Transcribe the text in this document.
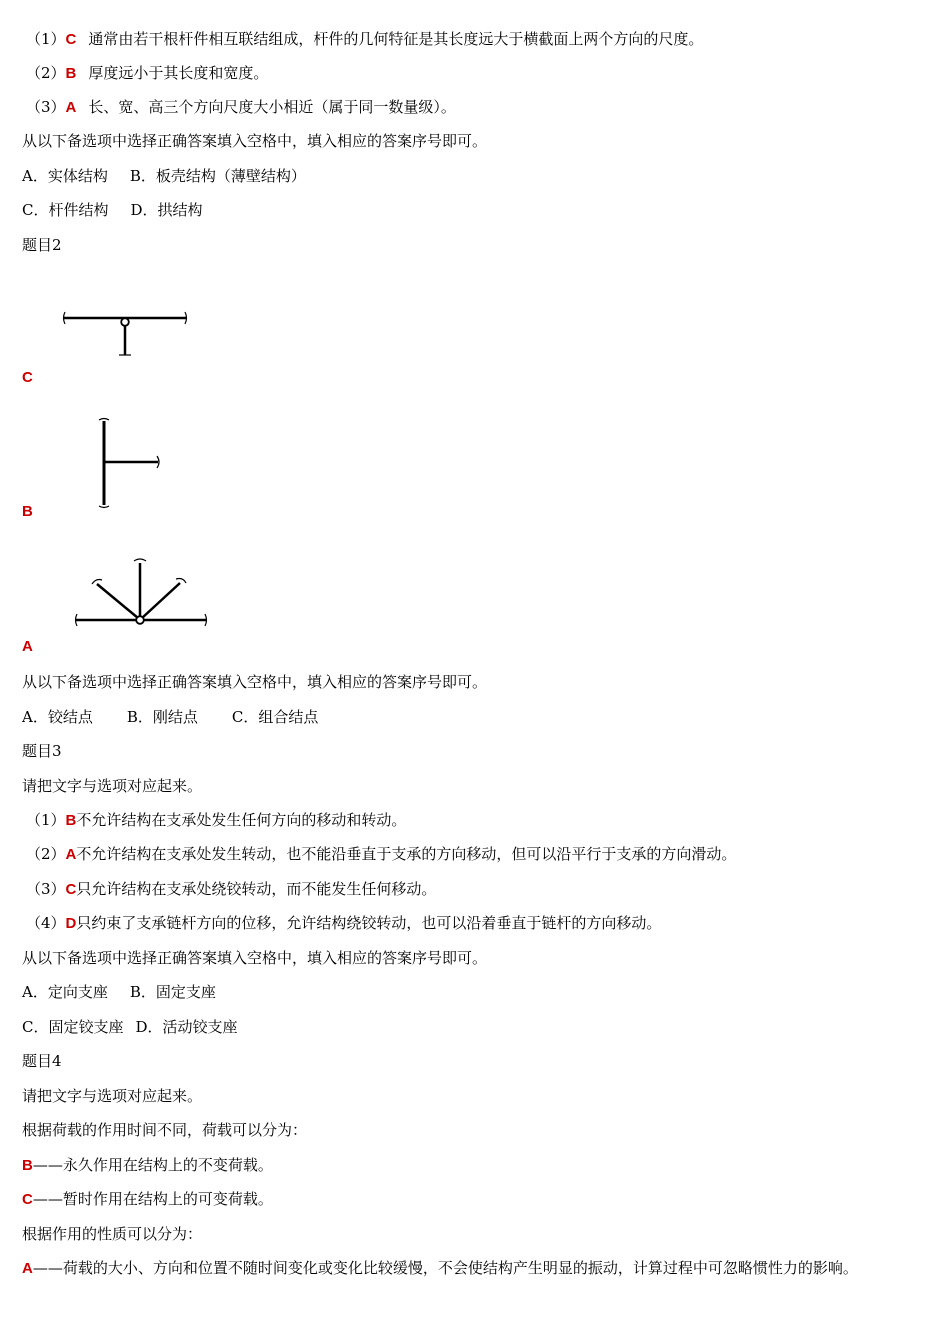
（1）C 通常由若干根杆件相互联结组成，杆件的几何特征是其长度远大于横截面上两个方向的尺度。
（2）B 厚度远小于其长度和宽度。
（3）A 长、宽、高三个方向尺度大小相近（属于同一数量级）。
从以下备选项中选择正确答案填入空格中，填入相应的答案序号即可。
A．实体结构 B．板壳结构（薄壁结构）
C．杆件结构 D．拱结构
题目2
C
B
A
从以下备选项中选择正确答案填入空格中，填入相应的答案序号即可。
A．铰结点 B．刚结点 C．组合结点
题目3
请把文字与选项对应起来。
（1）B不允许结构在支承处发生任何方向的移动和转动。
（2）A不允许结构在支承处发生转动，也不能沿垂直于支承的方向移动，但可以沿平行于支承的方向滑动。
（3）C只允许结构在支承处绕铰转动，而不能发生任何移动。
（4）D只约束了支承链杆方向的位移，允许结构绕铰转动，也可以沿着垂直于链杆的方向移动。
从以下备选项中选择正确答案填入空格中，填入相应的答案序号即可。
A．定向支座 B．固定支座
C．固定铰支座 D．活动铰支座
题目4
请把文字与选项对应起来。
根据荷载的作用时间不同，荷载可以分为：
B——永久作用在结构上的不变荷载。
C——暂时作用在结构上的可变荷载。
根据作用的性质可以分为：
A——荷载的大小、方向和位置不随时间变化或变化比较缓慢，不会使结构产生明显的振动，计算过程中可忽略惯性力的影响。
